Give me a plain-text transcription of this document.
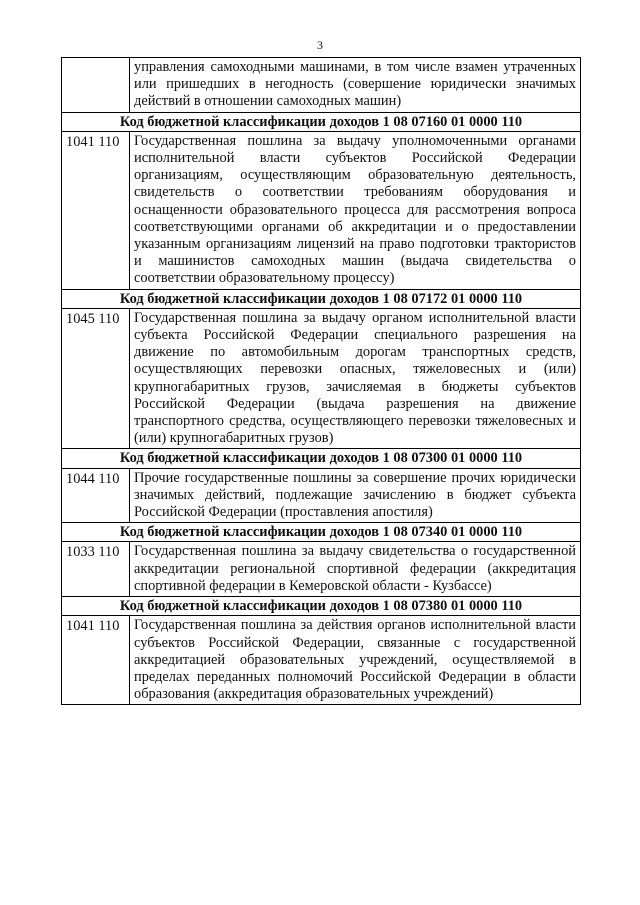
3
	управления самоходными машинами, в том числе взамен утраченных или пришедших в негодность (совершение юридически значимых действий в отношении самоходных машин)
Код бюджетной классификации доходов 1 08 07160 01 0000 110	
1041 110	Государственная пошлина за выдачу уполномоченными органами исполнительной власти субъектов Российской Федерации организациям, осуществляющим образовательную деятельность, свидетельств о соответствии требованиям оборудования и оснащенности образовательного процесса для рассмотрения вопроса соответствующими органами об аккредитации и о предоставлении указанным организациям лицензий на право подготовки трактористов и машинистов самоходных машин (выдача свидетельства о соответствии образовательному процессу)
Код бюджетной классификации доходов 1 08 07172 01 0000 110	
1045 110	Государственная пошлина за выдачу органом исполнительной власти субъекта Российской Федерации специального разрешения на движение по автомобильным дорогам транспортных средств, осуществляющих перевозки опасных, тяжеловесных и (или) крупногабаритных грузов, зачисляемая в бюджеты субъектов Российской Федерации (выдача разрешения на движение транспортного средства, осуществляющего перевозки тяжеловесных и (или) крупногабаритных грузов)
Код бюджетной классификации доходов 1 08 07300 01 0000 110	
1044 110	Прочие государственные пошлины за совершение прочих юридически значимых действий, подлежащие зачислению в бюджет субъекта Российской Федерации (проставления апостиля)
Код бюджетной классификации доходов 1 08 07340 01 0000 110	
1033 110	Государственная пошлина за выдачу свидетельства о государственной аккредитации региональной спортивной федерации (аккредитация спортивной федерации в Кемеровской области - Кузбассе)
Код бюджетной классификации доходов 1 08 07380 01 0000 110	
1041 110	Государственная пошлина за действия органов исполнительной власти субъектов Российской Федерации, связанные с государственной аккредитацией образовательных учреждений, осуществляемой в пределах переданных полномочий Российской Федерации в области образования (аккредитация образовательных учреждений)
